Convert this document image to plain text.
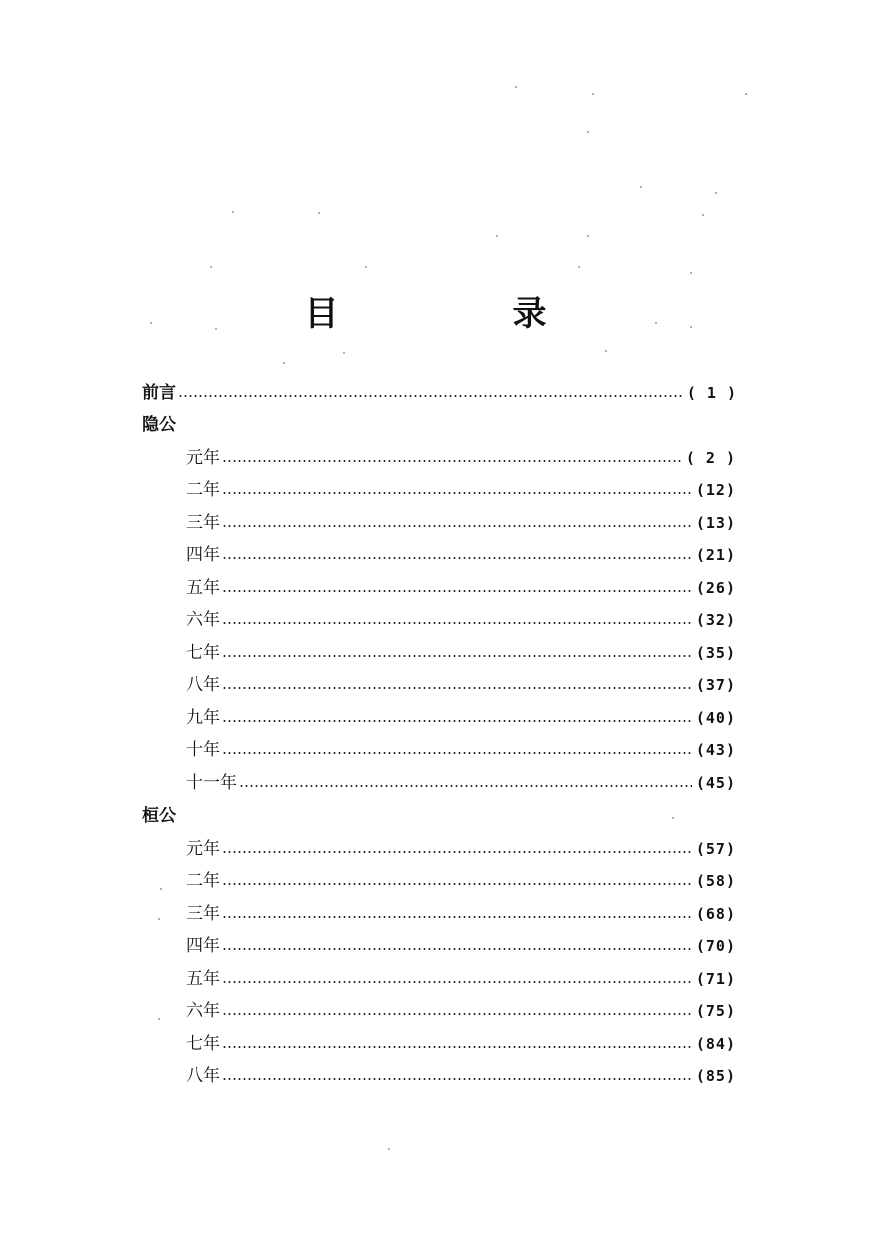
目　录
前言	( 1 )
隐公
元年	( 2 )
二年	(12)
三年	(13)
四年	(21)
五年	(26)
六年	(32)
七年	(35)
八年	(37)
九年	(40)
十年	(43)
十一年	(45)
桓公
元年	(57)
二年	(58)
三年	(68)
四年	(70)
五年	(71)
六年	(75)
七年	(84)
八年	(85)
